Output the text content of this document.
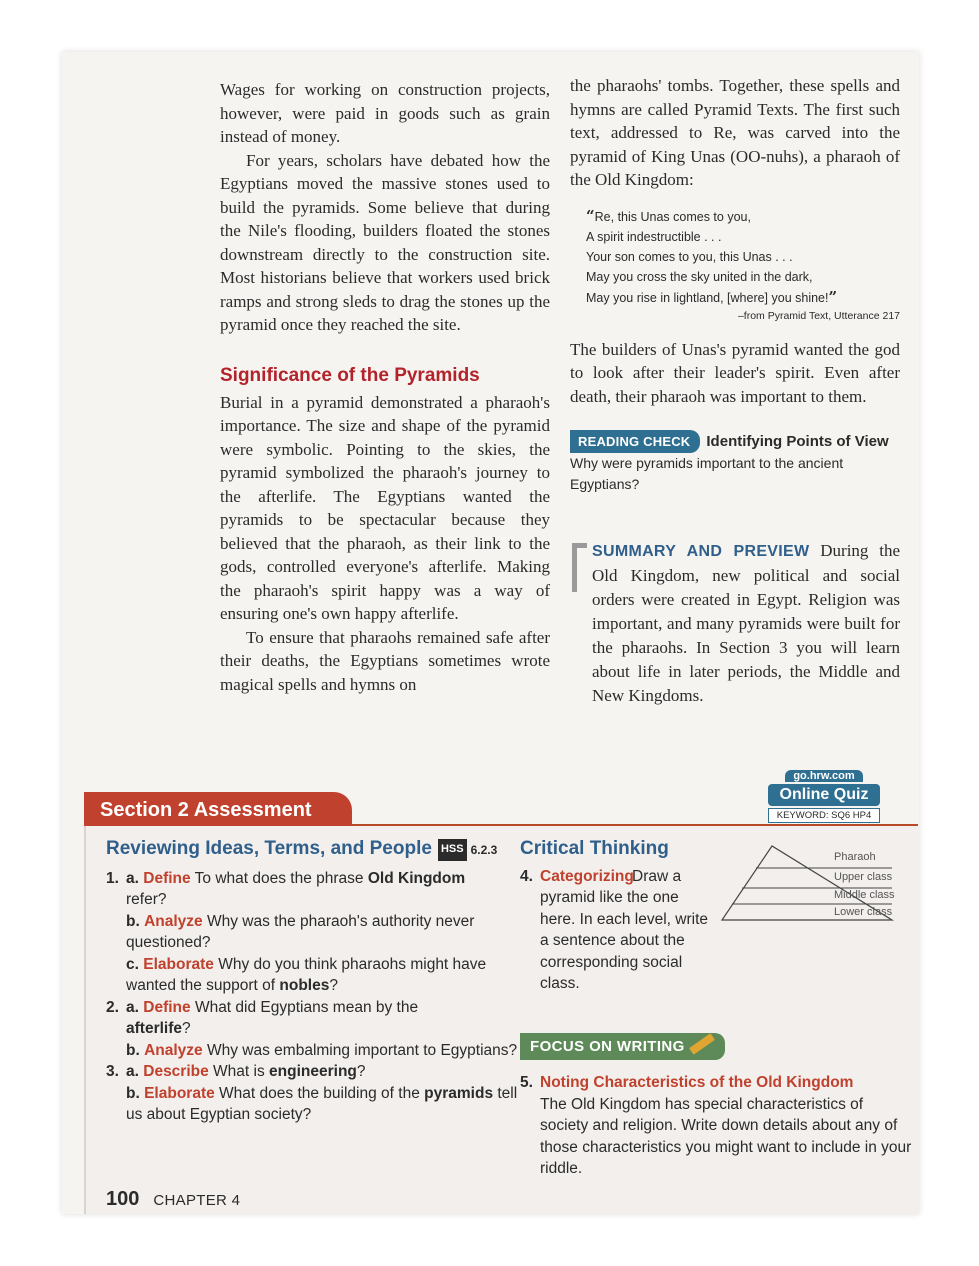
Wages for working on construction projects, however, were paid in goods such as grain instead of money.

For years, scholars have debated how the Egyptians moved the massive stones used to build the pyramids. Some believe that during the Nile's flooding, builders floated the stones downstream directly to the construction site. Most historians believe that workers used brick ramps and strong sleds to drag the stones up the pyramid once they reached the site.

Significance of the Pyramids

Burial in a pyramid demonstrated a pharaoh's importance. The size and shape of the pyramid were symbolic. Pointing to the skies, the pyramid symbolized the pharaoh's journey to the afterlife. The Egyptians wanted the pyramids to be spectacular because they believed that the pharaoh, as their link to the gods, controlled everyone's afterlife. Making the pharaoh's spirit happy was a way of ensuring one's own happy afterlife.

To ensure that pharaohs remained safe after their deaths, the Egyptians sometimes wrote magical spells and hymns on

the pharaohs' tombs. Together, these spells and hymns are called Pyramid Texts. The first such text, addressed to Re, was carved into the pyramid of King Unas (OO-nuhs), a pharaoh of the Old Kingdom:

“Re, this Unas comes to you,
A spirit indestructible . . .
Your son comes to you, this Unas . . .
May you cross the sky united in the dark,
May you rise in lightland, [where] you shine!”
–from Pyramid Text, Utterance 217

The builders of Unas's pyramid wanted the god to look after their leader's spirit. Even after death, their pharaoh was important to them.

READING CHECK Identifying Points of View
Why were pyramids important to the ancient Egyptians?

SUMMARY AND PREVIEW During the Old Kingdom, new political and social orders were created in Egypt. Religion was important, and many pyramids were built for the pharaohs. In Section 3 you will learn about life in later periods, the Middle and New Kingdoms.

go.hrw.com
Online Quiz
KEYWORD: SQ6 HP4
Section 2 Assessment
Reviewing Ideas, Terms, and People HSS 6.2.3
1. a. Define To what does the phrase Old Kingdom
refer?
b. Analyze Why was the pharaoh's authority never questioned?
c. Elaborate Why do you think pharaohs might have wanted the support of nobles?
2. a. Define What did Egyptians mean by the
afterlife?
b. Analyze Why was embalming important to Egyptians?
3. a. Describe What is engineering?
b. Elaborate What does the building of the pyramids tell us about Egyptian society?
Critical Thinking	Pharaoh
Upper class
Middle class
Lower class
4. Categorizing
Draw a pyramid like the one here. In each level, write a sentence about the corresponding social class.
FOCUS ON WRITING
5. Noting Characteristics of the Old Kingdom
The Old Kingdom has special characteristics of society and religion. Write down details about any of those characteristics you might want to include in your riddle.
100 CHAPTER 4
